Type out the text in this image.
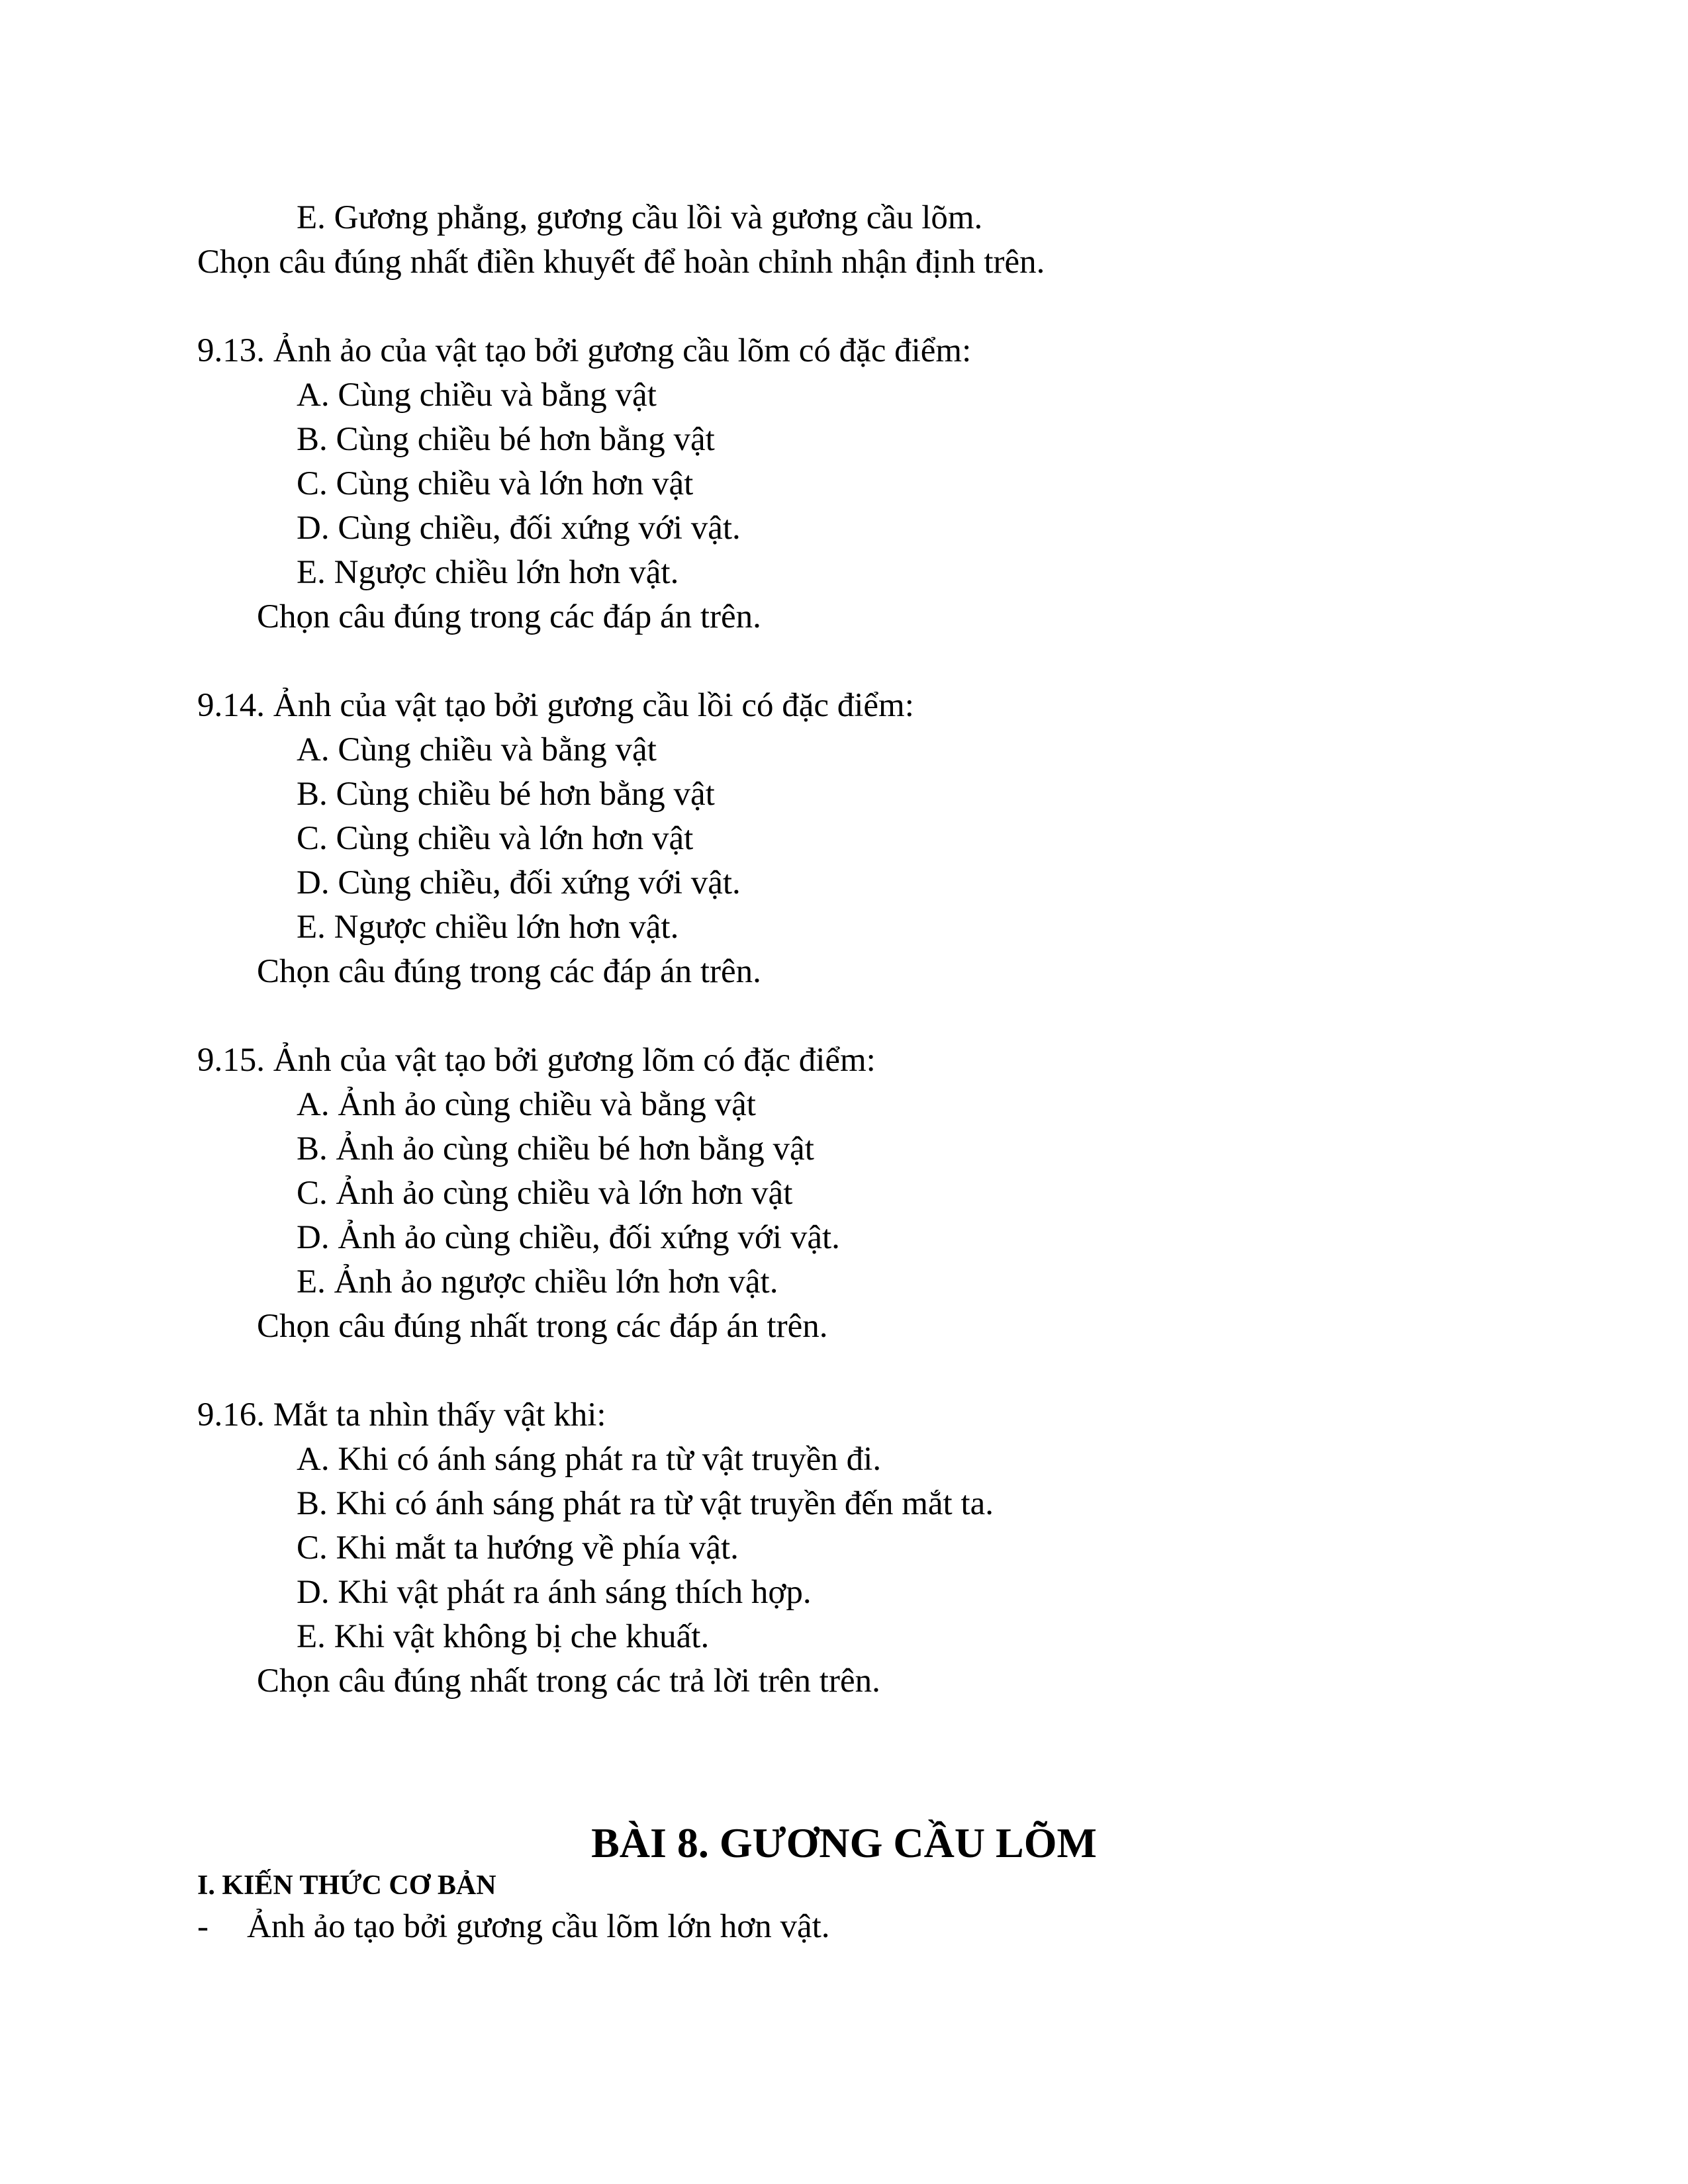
E. Gương phẳng, gương cầu lồi và gương cầu lõm.

Chọn câu đúng nhất điền khuyết để hoàn chỉnh nhận định trên.

9.13. Ảnh ảo của vật tạo bởi gương cầu lõm có đặc điểm:

A. Cùng chiều và bằng vật

B. Cùng chiều bé hơn bằng vật

C. Cùng chiều và lớn hơn vật

D. Cùng chiều, đối xứng với vật.

E. Ngược chiều lớn hơn vật.

Chọn câu đúng trong các đáp án trên.

9.14. Ảnh của vật tạo bởi gương cầu lồi có đặc điểm:

A. Cùng chiều và bằng vật

B. Cùng chiều bé hơn bằng vật

C. Cùng chiều và lớn hơn vật

D. Cùng chiều, đối xứng với vật.

E. Ngược chiều lớn hơn vật.

Chọn câu đúng trong các đáp án trên.

9.15. Ảnh của vật tạo bởi gương lõm có đặc điểm:

A. Ảnh ảo cùng chiều và bằng vật

B. Ảnh ảo cùng chiều bé hơn bằng vật

C. Ảnh ảo cùng chiều và lớn hơn vật

D. Ảnh ảo cùng chiều, đối xứng với vật.

E. Ảnh ảo ngược chiều lớn hơn vật.

Chọn câu đúng nhất trong các đáp án trên.

9.16. Mắt ta nhìn thấy vật khi:

A. Khi có ánh sáng phát ra từ vật truyền đi.

B. Khi có ánh sáng phát ra từ vật truyền đến mắt ta.

C. Khi mắt ta hướng về phía vật.

D. Khi vật phát ra ánh sáng thích hợp.

E. Khi vật không bị che khuất.

Chọn câu đúng nhất trong các trả lời trên trên.

BÀI 8. GƯƠNG CẦU LÕM
I. KIẾN THỨC CƠ BẢN

- Ảnh ảo tạo bởi gương cầu lõm lớn hơn vật.
